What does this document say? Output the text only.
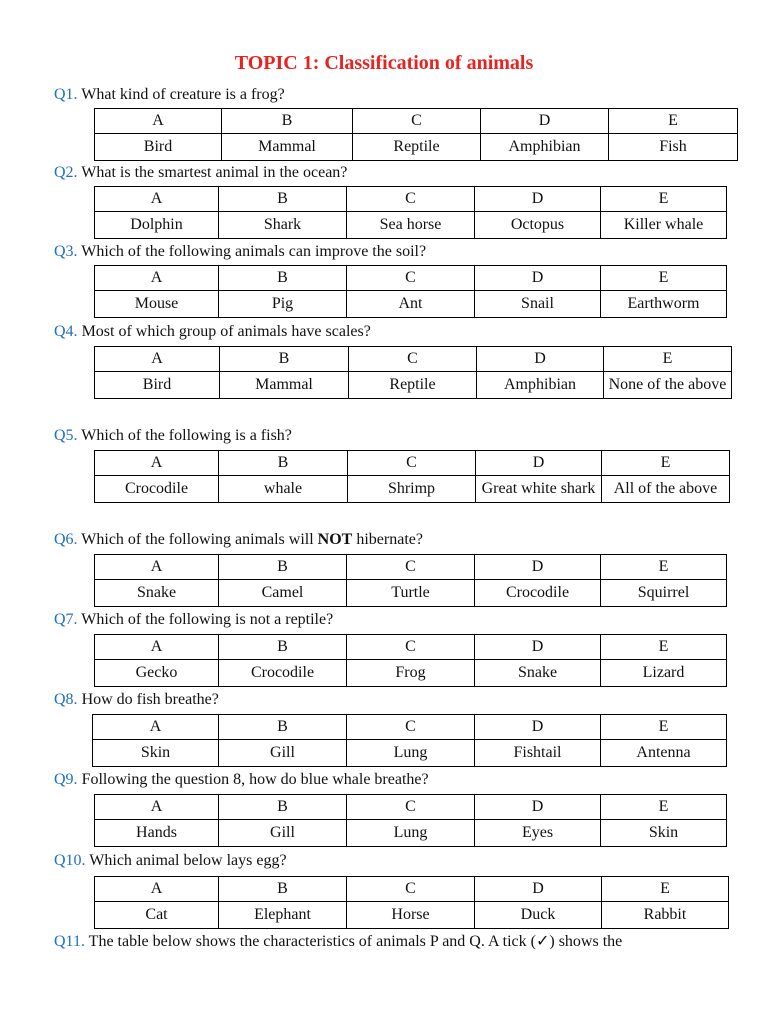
TOPIC 1: Classification of animals
Q1. What kind of creature is a frog?
A	B	C	D	E
Bird	Mammal	Reptile	Amphibian	Fish
Q2. What is the smartest animal in the ocean?
A	B	C	D	E
Dolphin	Shark	Sea horse	Octopus	Killer whale
Q3. Which of the following animals can improve the soil?
A	B	C	D	E
Mouse	Pig	Ant	Snail	Earthworm
Q4. Most of which group of animals have scales?
A	B	C	D	E
Bird	Mammal	Reptile	Amphibian	None of the above
Q5. Which of the following is a fish?
A	B	C	D	E
Crocodile	whale	Shrimp	Great white shark	All of the above
Q6. Which of the following animals will NOT hibernate?
A	B	C	D	E
Snake	Camel	Turtle	Crocodile	Squirrel
Q7. Which of the following is not a reptile?
A	B	C	D	E
Gecko	Crocodile	Frog	Snake	Lizard
Q8. How do fish breathe?
A	B	C	D	E
Skin	Gill	Lung	Fishtail	Antenna
Q9. Following the question 8, how do blue whale breathe?
A	B	C	D	E
Hands	Gill	Lung	Eyes	Skin
Q10. Which animal below lays egg?
A	B	C	D	E
Cat	Elephant	Horse	Duck	Rabbit
Q11. The table below shows the characteristics of animals P and Q. A tick (✓) shows the
